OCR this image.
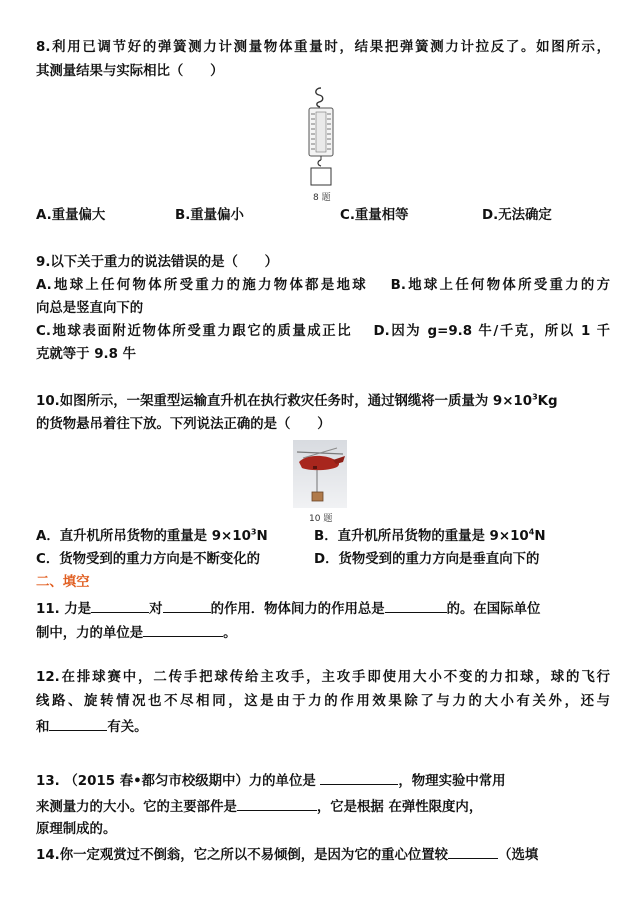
8.利用已调节好的弹簧测力计测量物体重量时，结果把弹簧测力计拉反了。如图所示，
其测量结果与实际相比（　　）
8 题
A.重量偏大	B.重量偏小	C.重量相等	D.无法确定
9.以下关于重力的说法错误的是（　　）
A.地球上任何物体所受重力的施力物体都是地球　 B.地球上任何物体所受重力的方
向总是竖直向下的
C.地球表面附近物体所受重力跟它的质量成正比　 D.因为 g=9.8 牛/千克，所以 1 千
克就等于 9.8 牛
10.如图所示，一架重型运输直升机在执行救灾任务时，通过钢缆将一质量为 $9\times 10^3Kg$
的货物悬吊着往下放。下列说法正确的是（　　）
10 题
A．直升机所吊货物的重量是 $9\times 10^3N$	B．直升机所吊货物的重量是 $9\times 10^4N$
C．货物受到的重力方向是不断变化的	D．货物受到的重力方向是垂直向下的
二、填空
11. 力是	对	的作用．物体间力的作用总是	的。在国际单位
制中，力的单位是	。
12.在排球赛中，二传手把球传给主攻手，主攻手即使用大小不变的力扣球，球的飞行
线路、旋转情况也不尽相同，这是由于力的作用效果除了与力的大小有关外，还与
和	有关。
13. （2015 春•都匀市校级期中）力的单位是	，物理实验中常用
来测量力的大小。它的主要部件是	，它是根据 在弹性限度内，
原理制成的。
14.你一定观赏过不倒翁，它之所以不易倾倒，是因为它的重心位置较	（选填
